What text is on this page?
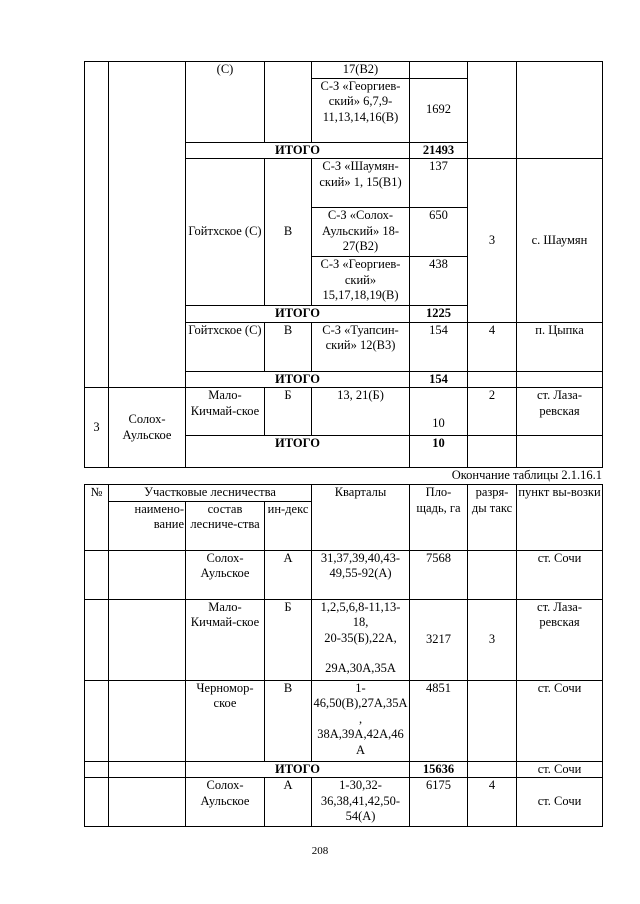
		(С)		17(В2)			
				С-З «Георгиев-ский» 6,7,9-11,13,14,16(В)	1692		
		ИТОГО			21493		
		Гойтхское (С)	В	С-З «Шаумян-ский» 1, 15(В1)	137	3	с. Шаумян
				С-З «Солох-Аульский» 18-27(В2)	650		
				С-З «Георгиев-ский» 15,17,18,19(В)	438		
		ИТОГО			1225		
		Гойтхское (С)	В	С-З «Туапсин-ский» 12(В3)	154	4	п. Цыпка
		ИТОГО			154		
3	Солох-Аульское	Мало-Кичмай-ское	Б	13, 21(Б)	10	2	ст. Лаза-ревская
		ИТОГО			10		
Окончание таблицы 2.1.16.1
№	Участковые лесничества			Кварталы	Пло-щадь, га	разря-ды такс	пункт вы-возки
	наимено-вание	состав лесниче-ства	ин-декс				
		Солох-Аульское	А	31,37,39,40,43-49,55-92(А)	7568		ст. Сочи
		Мало-Кичмай-ское	Б	1,2,5,6,8-11,13-18,
20-35(Б),22А,

29А,30А,35А	3217	3	ст. Лаза-ревская
		Черномор-ское	В	1-46,50(В),27А,35А, 38А,39А,42А,46А	4851		ст. Сочи
		ИТОГО			15636		ст. Сочи
		Солох-Аульское	А	1-30,32-36,38,41,42,50-54(А)	6175	4	ст. Сочи
208
